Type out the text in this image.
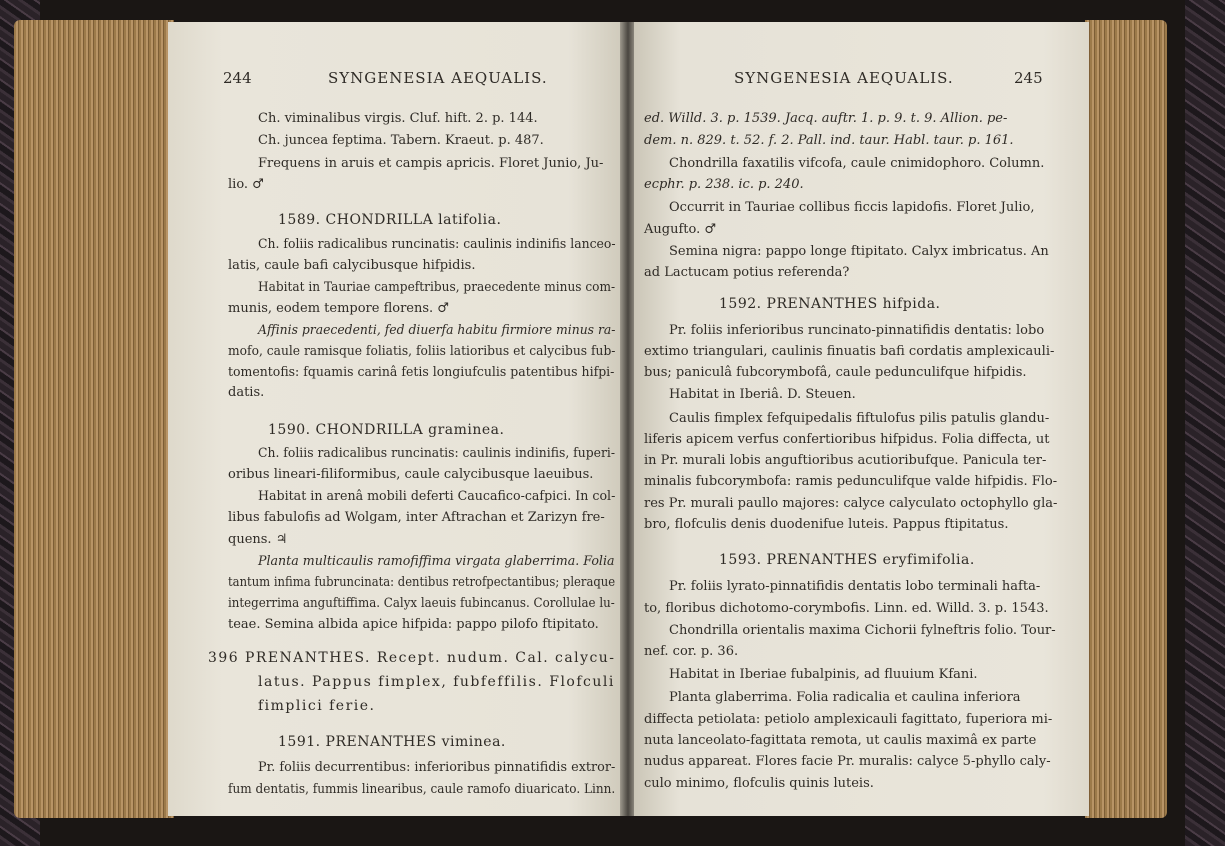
244	SYNGENESIA AEQUALIS.
Ch. viminalibus virgis. Cluf. hift. 2. p. 144.
Ch. juncea feptima. Tabern. Kraeut. p. 487.
Frequens in aruis et campis apricis. Floret Junio, Ju-
lio. ♂
1589. CHONDRILLA latifolia.
Ch. foliis radicalibus runcinatis: caulinis indinifis lanceo-
latis, caule bafi calycibusque hifpidis.
Habitat in Tauriae campeftribus, praecedente minus com-
munis, eodem tempore florens. ♂
Affinis praecedenti, fed diuerfa habitu firmiore minus ra-
mofo, caule ramisque foliatis, foliis latioribus et calycibus fub-
tomentofis: fquamis carinâ fetis longiufculis patentibus hifpi-
datis.
1590. CHONDRILLA graminea.
Ch. foliis radicalibus runcinatis: caulinis indinifis, fuperi-
oribus lineari-filiformibus, caule calycibusque laeuibus.
Habitat in arenâ mobili deferti Caucafico-cafpici. In col-
libus fabulofis ad Wolgam, inter Aftrachan et Zarizyn fre-
quens. ♃
Planta multicaulis ramofiffima virgata glaberrima. Folia
tantum infima fubruncinata: dentibus retrofpectantibus; pleraque
integerrima anguftiffima. Calyx laeuis fubincanus. Corollulae lu-
teae. Semina albida apice hifpida: pappo pilofo ftipitato.
396 PRENANTHES. Recept. nudum. Cal. calycu-
latus. Pappus fimplex, fubfeffilis. Flofculi
fimplici ferie.
1591. PRENANTHES viminea.
Pr. foliis decurrentibus: inferioribus pinnatifidis extror-
fum dentatis, fummis linearibus, caule ramofo diuaricato. Linn.
SYNGENESIA AEQUALIS.	245
ed. Willd. 3. p. 1539. Jacq. auftr. 1. p. 9. t. 9. Allion. pe-
dem. n. 829. t. 52. f. 2. Pall. ind. taur. Habl. taur. p. 161.
Chondrilla faxatilis vifcofa, caule cnimidophoro. Column.
ecphr. p. 238. ic. p. 240.
Occurrit in Tauriae collibus ficcis lapidofis. Floret Julio,
Augufto. ♂
Semina nigra: pappo longe ftipitato. Calyx imbricatus. An
ad Lactucam potius referenda?
1592. PRENANTHES hifpida.
Pr. foliis inferioribus runcinato-pinnatifidis dentatis: lobo
extimo triangulari, caulinis finuatis bafi cordatis amplexicauli-
bus; paniculâ fubcorymbofâ, caule pedunculifque hifpidis.
Habitat in Iberiâ. D. Steuen.
Caulis fimplex fefquipedalis fiftulofus pilis patulis glandu-
liferis apicem verfus confertioribus hifpidus. Folia diffecta, ut
in Pr. murali lobis anguftioribus acutioribufque. Panicula ter-
minalis fubcorymbofa: ramis pedunculifque valde hifpidis. Flo-
res Pr. murali paullo majores: calyce calyculato octophyllo gla-
bro, flofculis denis duodenifue luteis. Pappus ftipitatus.
1593. PRENANTHES eryfimifolia.
Pr. foliis lyrato-pinnatifidis dentatis lobo terminali hafta-
to, floribus dichotomo-corymbofis. Linn. ed. Willd. 3. p. 1543.
Chondrilla orientalis maxima Cichorii fylneftris folio. Tour-
nef. cor. p. 36.
Habitat in Iberiae fubalpinis, ad fluuium Kfani.
Planta glaberrima. Folia radicalia et caulina inferiora
diffecta petiolata: petiolo amplexicauli fagittato, fuperiora mi-
nuta lanceolato-fagittata remota, ut caulis maximâ ex parte
nudus appareat. Flores facie Pr. muralis: calyce 5-phyllo caly-
culo minimo, flofculis quinis luteis.
